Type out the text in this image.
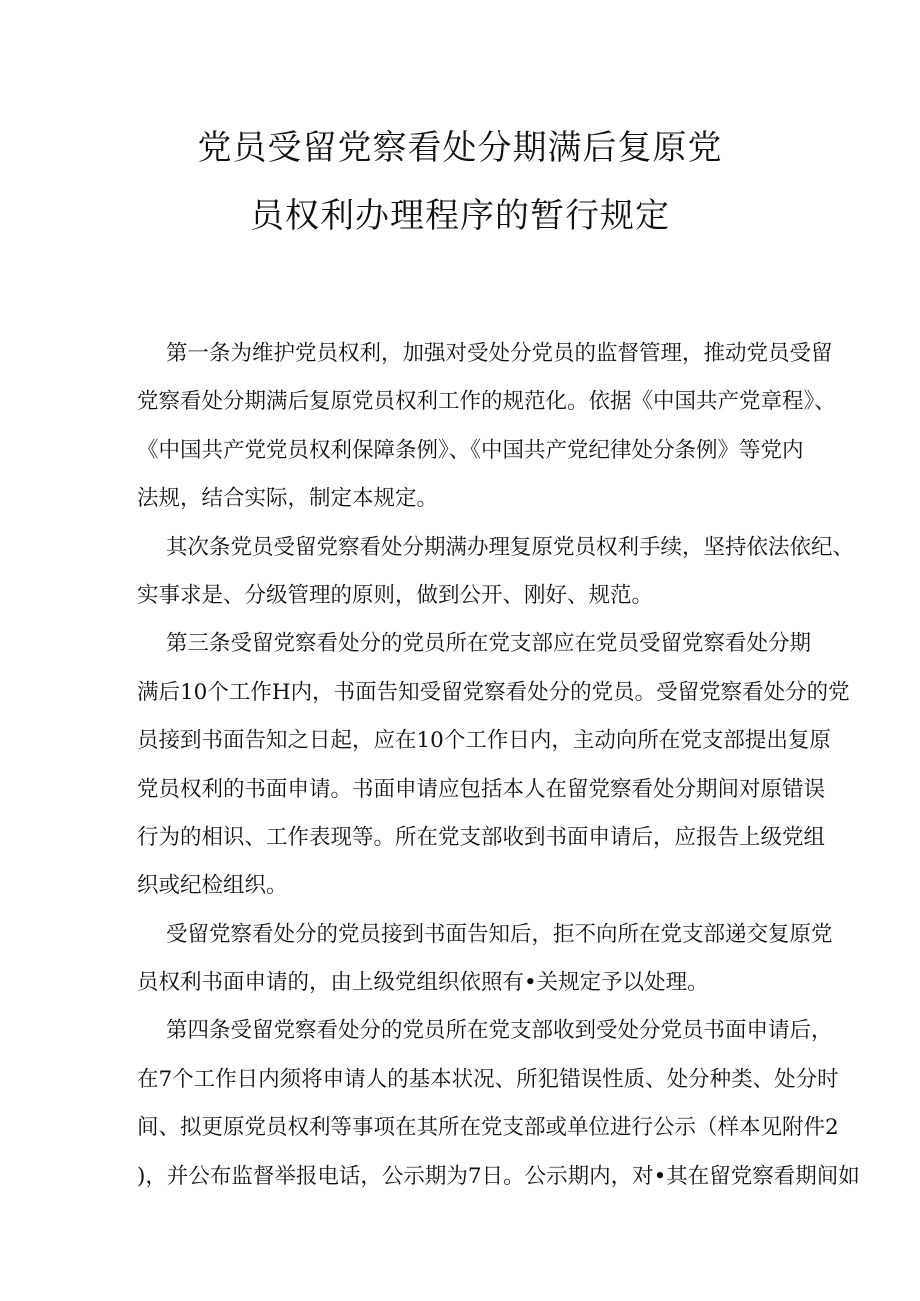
党员受留党察看处分期满后复原党
员权利办理程序的暂行规定

第一条为维护党员权利，加强对受处分党员的监督管理，推动党员受留
党察看处分期满后复原党员权利工作的规范化。依据《中国共产党章程》、
《中国共产党党员权利保障条例》、《中国共产党纪律处分条例》等党内
法规，结合实际，制定本规定。

其次条党员受留党察看处分期满办理复原党员权利手续，坚持依法依纪、
实事求是、分级管理的原则，做到公开、刚好、规范。

第三条受留党察看处分的党员所在党支部应在党员受留党察看处分期
满后10个工作H内，书面告知受留党察看处分的党员。受留党察看处分的党
员接到书面告知之日起，应在10个工作日内，主动向所在党支部提出复原
党员权利的书面申请。书面申请应包括本人在留党察看处分期间对原错误
行为的相识、工作表现等。所在党支部收到书面申请后，应报告上级党组
织或纪检组织。

受留党察看处分的党员接到书面告知后，拒不向所在党支部递交复原党
员权利书面申请的，由上级党组织依照有•关规定予以处理。

第四条受留党察看处分的党员所在党支部收到受处分党员书面申请后，
在7个工作日内须将申请人的基本状况、所犯错误性质、处分种类、处分时
间、拟更原党员权利等事项在其所在党支部或单位进行公示（样本见附件2
)，并公布监督举报电话，公示期为7日。公示期内，对•其在留党察看期间如
